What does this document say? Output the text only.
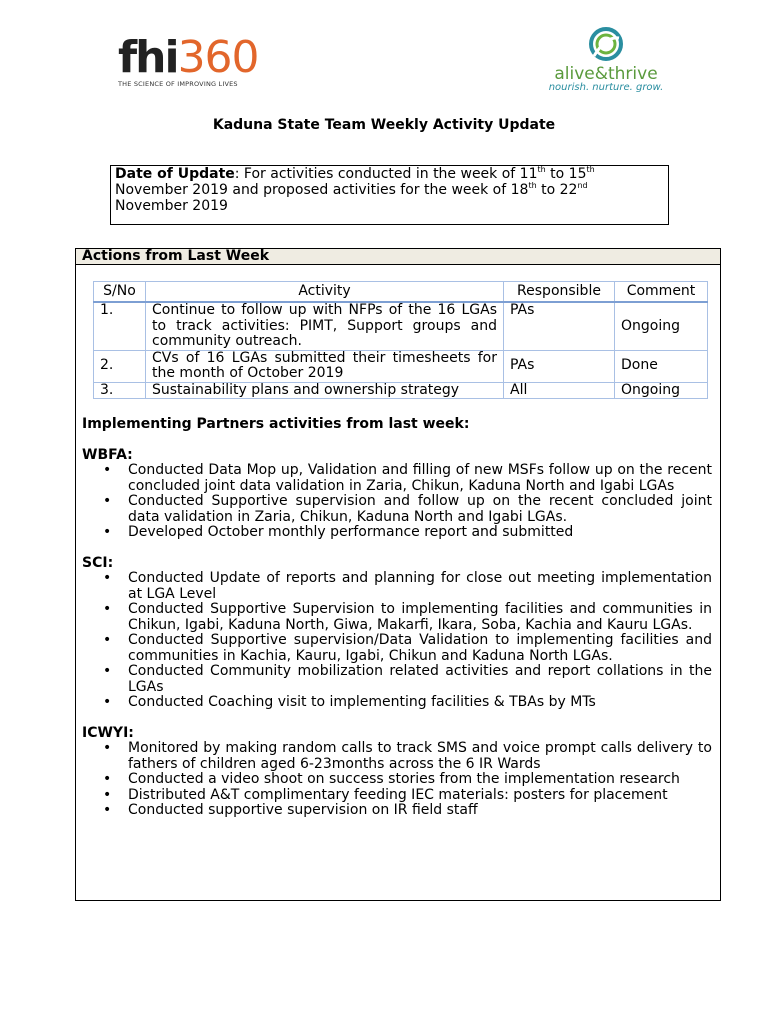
fhi360
THE SCIENCE OF IMPROVING LIVES	alive&thrive
nourish. nurture. grow.
Kaduna State Team Weekly Activity Update
Date of Update: For activities conducted in the week of 11th to 15th
November 2019 and proposed activities for the week of 18th to 22nd
November 2019
Actions from Last Week
S/No	Activity	Responsible	Comment
1.	Continue to follow up with NFPs of the 16 LGAs to track activities: PIMT, Support groups and community outreach.	PAs	Ongoing
2.	CVs of 16 LGAs submitted their timesheets for the month of October 2019	PAs	Done
3.	Sustainability plans and ownership strategy	All	Ongoing

Implementing Partners activities from last week:

WBFA:

• Conducted Data Mop up, Validation and filling of new MSFs follow up on the recent concluded joint data validation in Zaria, Chikun, Kaduna North and Igabi LGAs
• Conducted Supportive supervision and follow up on the recent concluded joint data validation in Zaria, Chikun, Kaduna North and Igabi LGAs.
• Developed October monthly performance report and submitted

SCI:

• Conducted Update of reports and planning for close out meeting implementation at LGA Level
• Conducted Supportive Supervision to implementing facilities and communities in Chikun, Igabi, Kaduna North, Giwa, Makarfi, Ikara, Soba, Kachia and Kauru LGAs.
• Conducted Supportive supervision/Data Validation to implementing facilities and communities in Kachia, Kauru, Igabi, Chikun and Kaduna North LGAs.
• Conducted Community mobilization related activities and report collations in the LGAs
• Conducted Coaching visit to implementing facilities & TBAs by MTs

ICWYI:

• Monitored by making random calls to track SMS and voice prompt calls delivery to fathers of children aged 6-23months across the 6 IR Wards
• Conducted a video shoot on success stories from the implementation research
• Distributed A&T complimentary feeding IEC materials: posters for placement
• Conducted supportive supervision on IR field staff
